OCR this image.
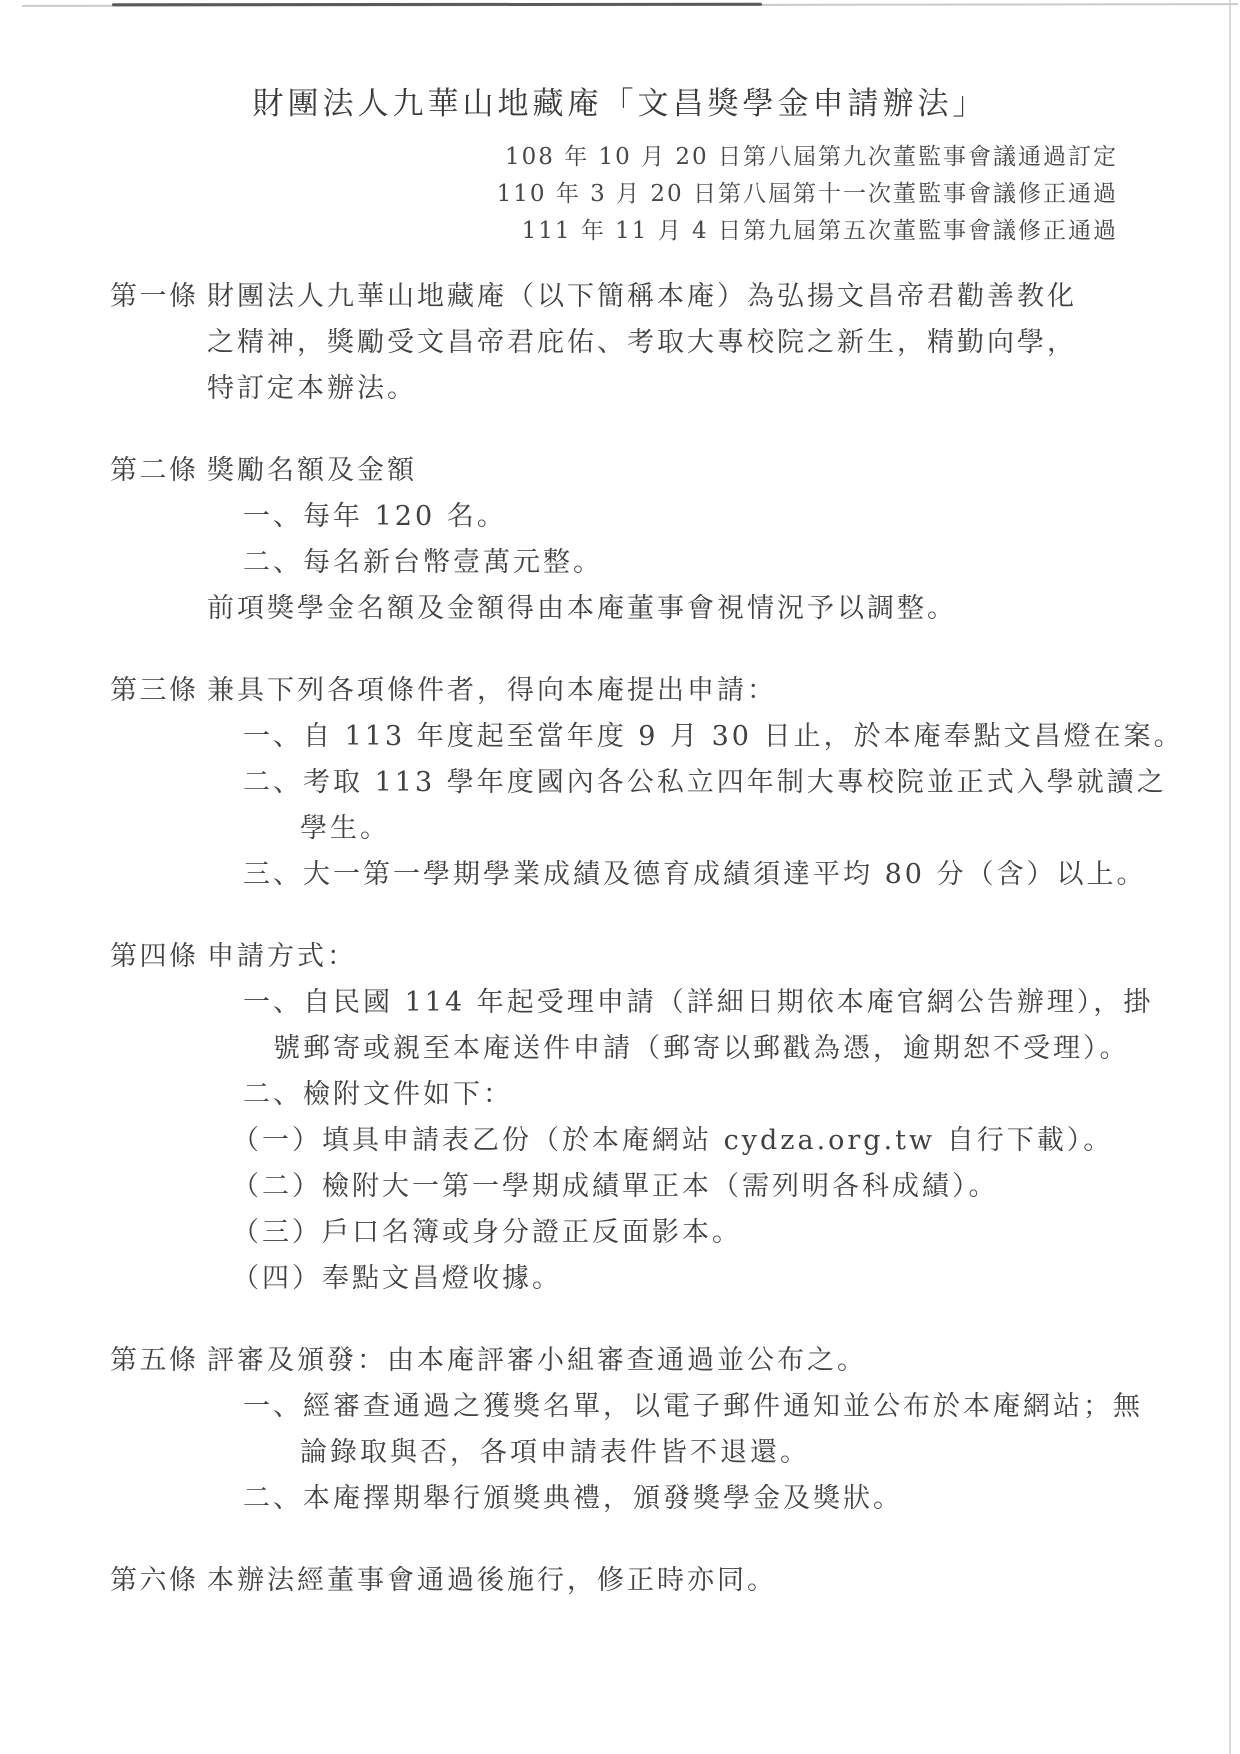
財團法人九華山地藏庵「文昌獎學金申請辦法」
108 年 10 月 20 日第八屆第九次董監事會議通過訂定
110 年 3 月 20 日第八屆第十一次董監事會議修正通過
111 年 11 月 4 日第九屆第五次董監事會議修正通過
第一條 財團法人九華山地藏庵（以下簡稱本庵）為弘揚文昌帝君勸善教化
之精神，獎勵受文昌帝君庇佑、考取大專校院之新生，精勤向學，
特訂定本辦法。
第二條 獎勵名額及金額
一、每年 120 名。
二、每名新台幣壹萬元整。
前項獎學金名額及金額得由本庵董事會視情況予以調整。
第三條 兼具下列各項條件者，得向本庵提出申請：
一、自 113 年度起至當年度 9 月 30 日止，於本庵奉點文昌燈在案。
二、考取 113 學年度國內各公私立四年制大專校院並正式入學就讀之
學生。
三、大一第一學期學業成績及德育成績須達平均 80 分（含）以上。
第四條 申請方式：
一、自民國 114 年起受理申請（詳細日期依本庵官網公告辦理），掛
號郵寄或親至本庵送件申請（郵寄以郵戳為憑，逾期恕不受理）。
二、檢附文件如下：
（一）填具申請表乙份（於本庵網站 cydza.org.tw 自行下載）。
（二）檢附大一第一學期成績單正本（需列明各科成績）。
（三）戶口名簿或身分證正反面影本。
（四）奉點文昌燈收據。
第五條 評審及頒發：由本庵評審小組審查通過並公布之。
一、經審查通過之獲獎名單，以電子郵件通知並公布於本庵網站；無
論錄取與否，各項申請表件皆不退還。
二、本庵擇期舉行頒獎典禮，頒發獎學金及獎狀。
第六條 本辦法經董事會通過後施行，修正時亦同。
